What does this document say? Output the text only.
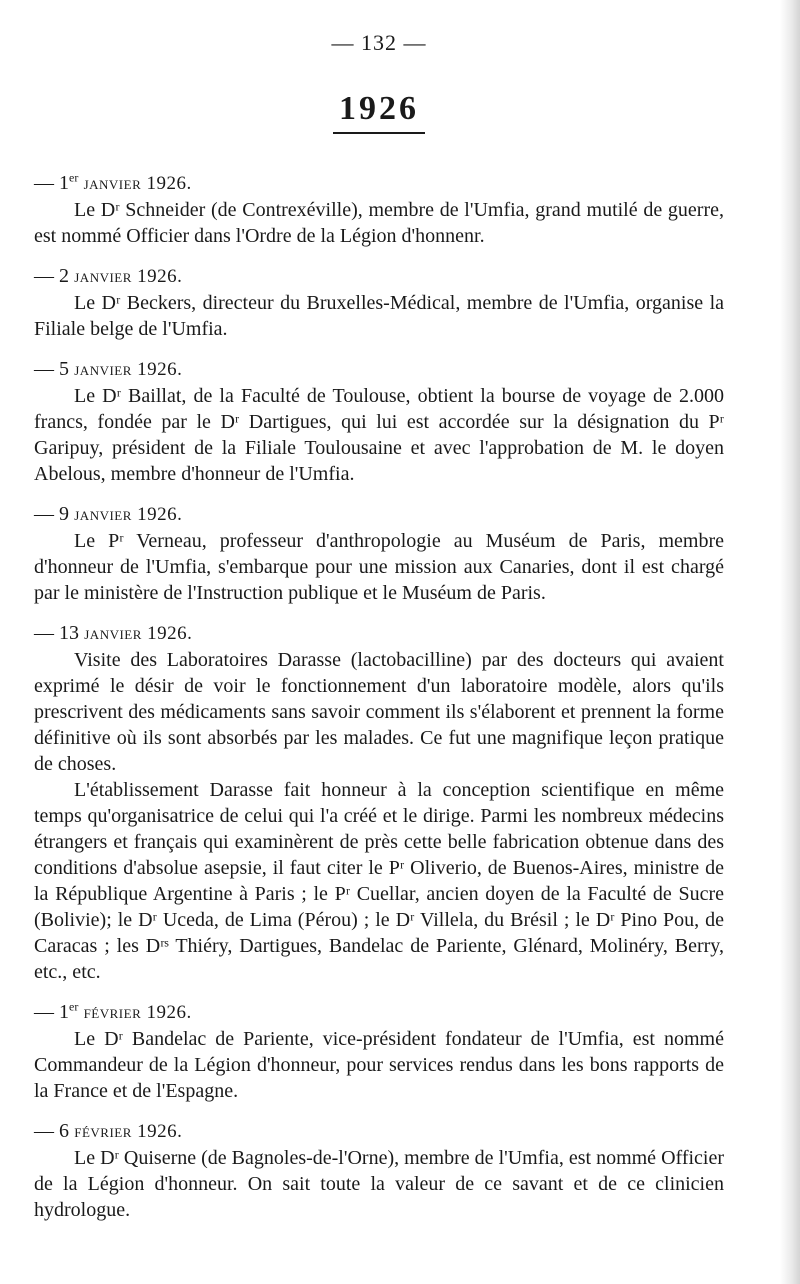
— 132 —
1926

— 1er janvier 1926.

Le Dʳ Schneider (de Contrexéville), membre de l'Umfia, grand mutilé de guerre, est nommé Officier dans l'Ordre de la Légion d'honnenr.

— 2 janvier 1926.

Le Dʳ Beckers, directeur du Bruxelles-Médical, membre de l'Umfia, organise la Filiale belge de l'Umfia.

— 5 janvier 1926.

Le Dʳ Baillat, de la Faculté de Toulouse, obtient la bourse de voyage de 2.000 francs, fondée par le Dʳ Dartigues, qui lui est accordée sur la désignation du Pʳ Garipuy, président de la Filiale Toulousaine et avec l'approbation de M. le doyen Abelous, membre d'honneur de l'Umfia.

— 9 janvier 1926.

Le Pʳ Verneau, professeur d'anthropologie au Muséum de Paris, membre d'honneur de l'Umfia, s'embarque pour une mission aux Canaries, dont il est chargé par le ministère de l'Instruction publique et le Muséum de Paris.

— 13 janvier 1926.

Visite des Laboratoires Darasse (lactobacilline) par des docteurs qui avaient exprimé le désir de voir le fonctionnement d'un laboratoire modèle, alors qu'ils prescrivent des médicaments sans savoir comment ils s'élaborent et prennent la forme définitive où ils sont absorbés par les malades. Ce fut une magnifique leçon pratique de choses.

L'établissement Darasse fait honneur à la conception scientifique en même temps qu'organisatrice de celui qui l'a créé et le dirige. Parmi les nombreux médecins étrangers et français qui examinèrent de près cette belle fabrication obtenue dans des conditions d'absolue asepsie, il faut citer le Pʳ Oliverio, de Buenos-Aires, ministre de la République Argentine à Paris ; le Pʳ Cuellar, ancien doyen de la Faculté de Sucre (Bolivie); le Dʳ Uceda, de Lima (Pérou) ; le Dʳ Villela, du Brésil ; le Dʳ Pino Pou, de Caracas ; les Dʳˢ Thiéry, Dartigues, Bandelac de Pariente, Glénard, Molinéry, Berry, etc., etc.

— 1er février 1926.

Le Dʳ Bandelac de Pariente, vice-président fondateur de l'Umfia, est nommé Commandeur de la Légion d'honneur, pour services rendus dans les bons rapports de la France et de l'Espagne.

— 6 février 1926.

Le Dʳ Quiserne (de Bagnoles-de-l'Orne), membre de l'Umfia, est nommé Officier de la Légion d'honneur. On sait toute la valeur de ce savant et de ce clinicien hydrologue.
